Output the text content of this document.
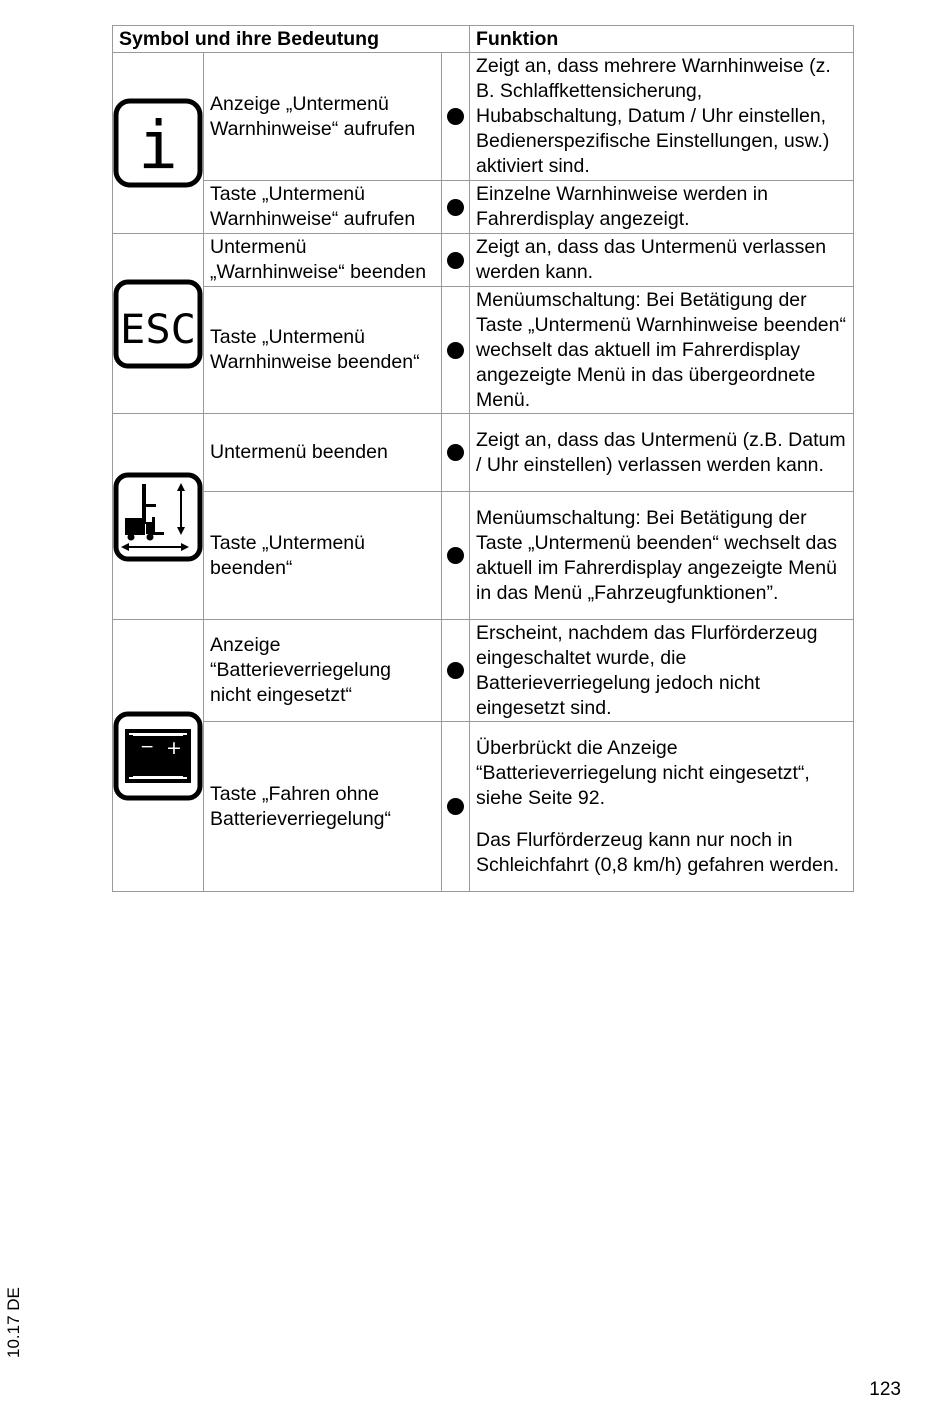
Symbol und ihre Bedeutung			Funktion

i	Anzeige „Untermenü Warnhinweise“ aufrufen		Zeigt an, dass mehrere Warnhinweise (z. B. Schlaffkettensicherung, Hubabschaltung, Datum / Uhr einstellen, Bedienerspezifische Einstellungen, usw.) aktiviert sind.
	Taste „Untermenü Warnhinweise“ aufrufen		Einzelne Warnhinweise werden in Fahrerdisplay angezeigt.

ESC	Untermenü „Warnhinweise“ beenden		Zeigt an, dass das Untermenü verlassen werden kann.
	Taste „Untermenü Warnhinweise beenden“		Menüumschaltung: Bei Betätigung der Taste „Untermenü Warnhinweise beenden“ wechselt das aktuell im Fahrerdisplay angezeigte Menü in das übergeordnete Menü.
	Untermenü beenden		Zeigt an, dass das Untermenü (z.B. Datum / Uhr einstellen) verlassen werden kann.
	Taste „Untermenü beenden“		Menüumschaltung: Bei Betätigung der Taste „Untermenü beenden“ wechselt das aktuell im Fahrerdisplay angezeigte Menü in das Menü „Fahrzeugfunktionen”.

− +	Anzeige “Batterieverriegelung nicht eingesetzt“		Erscheint, nachdem das Flurförderzeug eingeschaltet wurde, die Batterieverriegelung jedoch nicht eingesetzt sind.
	Taste „Fahren ohne Batterieverriegelung“		Überbrückt die Anzeige “Batterieverriegelung nicht eingesetzt“, siehe Seite 92.

Das Flurförderzeug kann nur noch in Schleichfahrt (0,8 km/h) gefahren werden.

10.17 DE
123
